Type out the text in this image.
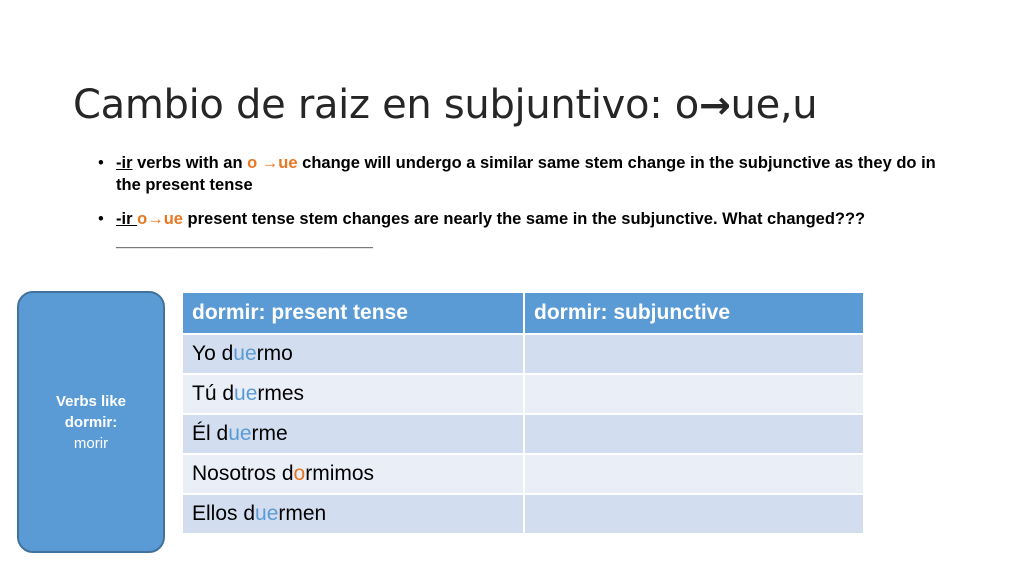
Cambio de raiz en subjuntivo: o→ue,u
• -ir verbs with an o →ue change will undergo a similar same stem change in the subjunctive as they do in the present tense
• -ir o→ue present tense stem changes are nearly the same in the subjunctive. What changed???____________________________
Verbs like
dormir:
morir
dormir: present tense	dormir: subjunctive
Yo duermo	
Tú duermes	
Él duerme	
Nosotros dormimos	
Ellos duermen	
